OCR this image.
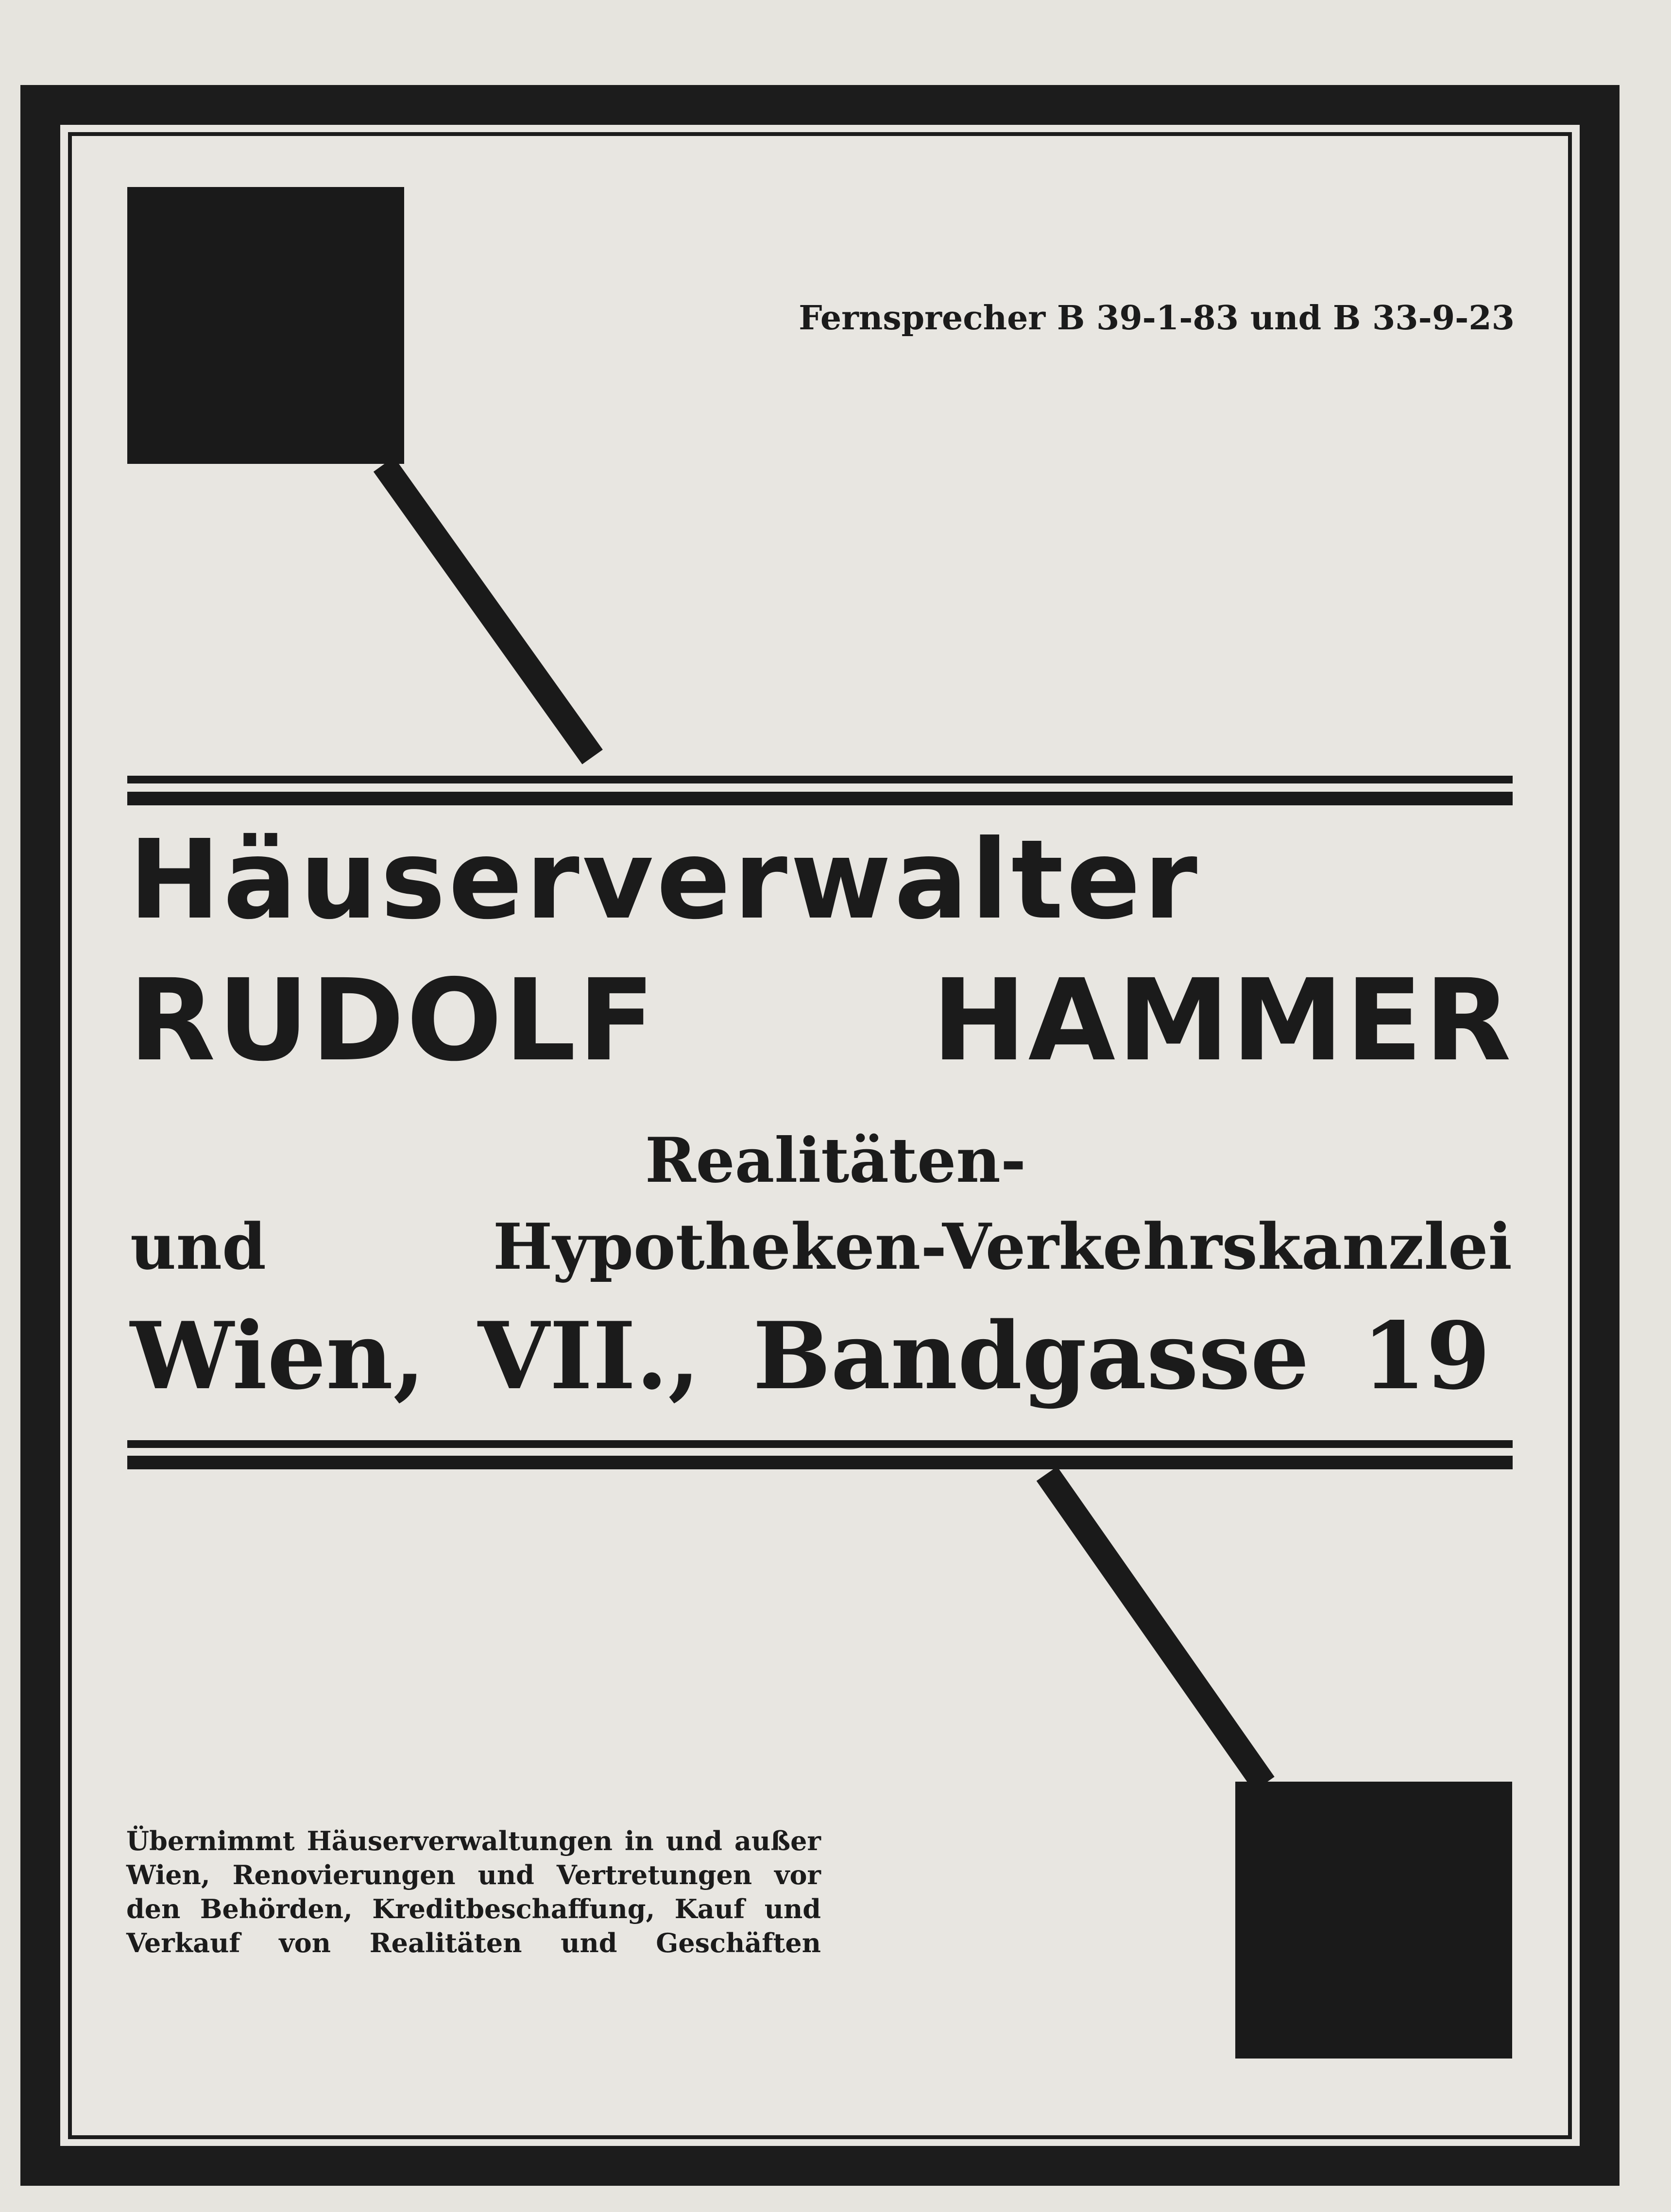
Fernsprecher B 39-1-83 und B 33-9-23

Häuserverwalter

RUDOLF HAMMER

Realitäten-

und Hypotheken-Verkehrskanzlei

Wien, VII., Bandgasse 19

Übernimmt Häuserverwaltungen in und außer
Wien, Renovierungen und Vertretungen vor
den Behörden, Kreditbeschaffung, Kauf und
Verkauf von Realitäten und Geschäften
